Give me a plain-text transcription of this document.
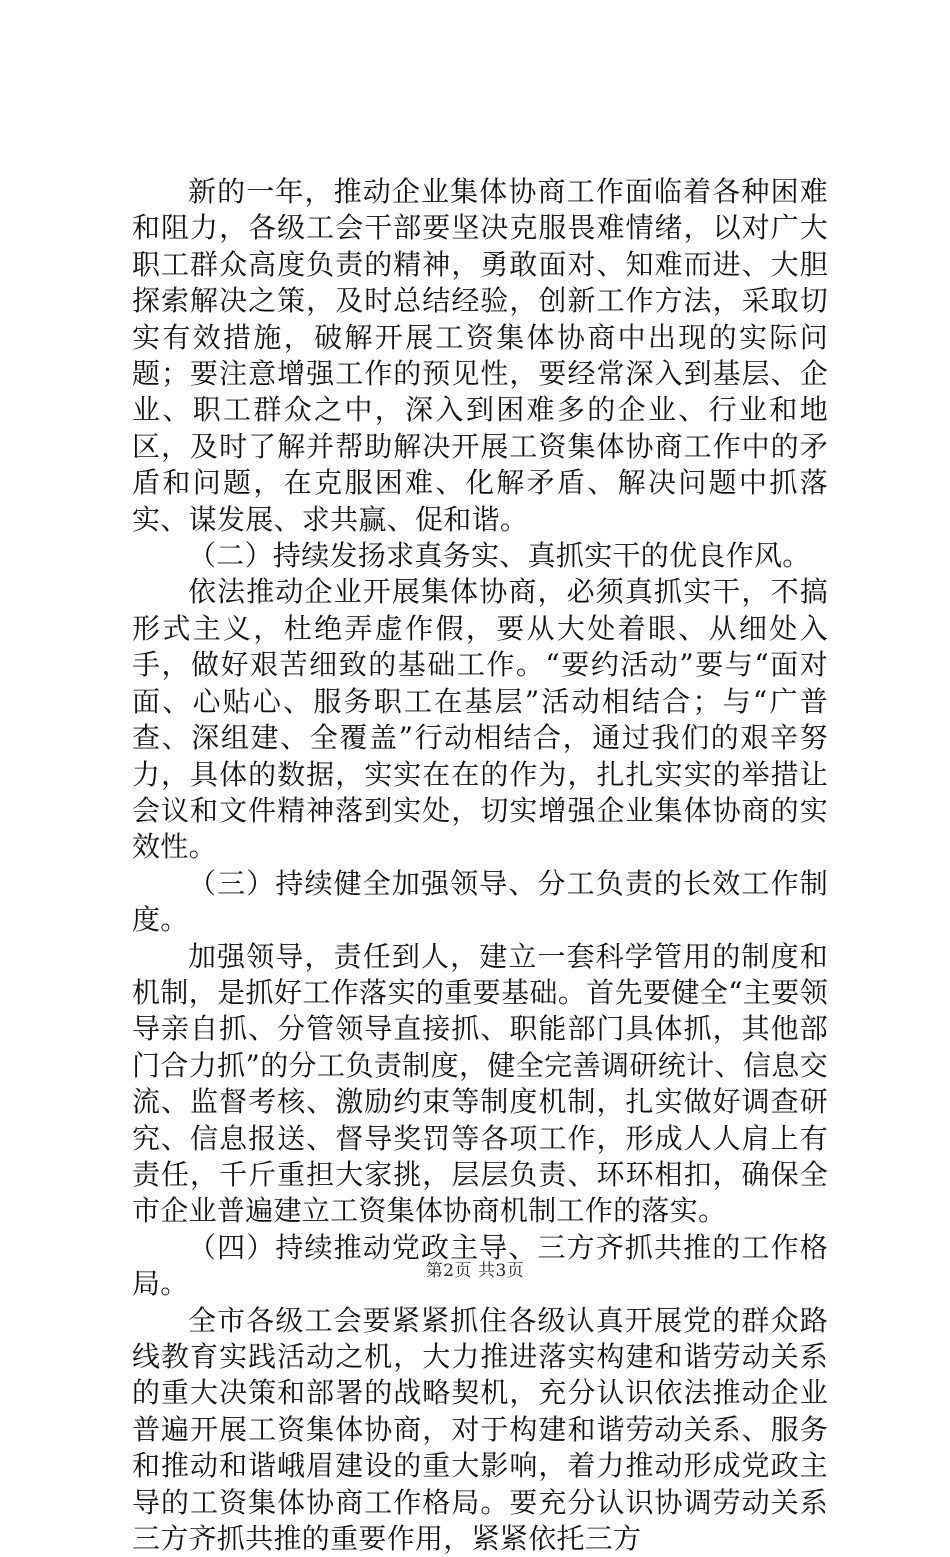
新的一年，推动企业集体协商工作面临着各种困难和阻力，各级工会干部要坚决克服畏难情绪，以对广大职工群众高度负责的精神，勇敢面对、知难而进、大胆探索解决之策，及时总结经验，创新工作方法，采取切实有效措施，破解开展工资集体协商中出现的实际问题；要注意增强工作的预见性，要经常深入到基层、企业、职工群众之中，深入到困难多的企业、行业和地区，及时了解并帮助解决开展工资集体协商工作中的矛盾和问题，在克服困难、化解矛盾、解决问题中抓落实、谋发展、求共赢、促和谐。

（二）持续发扬求真务实、真抓实干的优良作风。

依法推动企业开展集体协商，必须真抓实干，不搞形式主义，杜绝弄虚作假，要从大处着眼、从细处入手，做好艰苦细致的基础工作。“要约活动”要与“面对面、心贴心、服务职工在基层”活动相结合；与“广普查、深组建、全覆盖”行动相结合，通过我们的艰辛努力，具体的数据，实实在在的作为，扎扎实实的举措让会议和文件精神落到实处，切实增强企业集体协商的实效性。

（三）持续健全加强领导、分工负责的长效工作制度。

加强领导，责任到人，建立一套科学管用的制度和机制，是抓好工作落实的重要基础。首先要健全“主要领导亲自抓、分管领导直接抓、职能部门具体抓，其他部门合力抓”的分工负责制度，健全完善调研统计、信息交流、监督考核、激励约束等制度机制，扎实做好调查研究、信息报送、督导奖罚等各项工作，形成人人肩上有责任，千斤重担大家挑，层层负责、环环相扣，确保全市企业普遍建立工资集体协商机制工作的落实。

（四）持续推动党政主导、三方齐抓共推的工作格局。

全市各级工会要紧紧抓住各级认真开展党的群众路线教育实践活动之机，大力推进落实构建和谐劳动关系的重大决策和部署的战略契机，充分认识依法推动企业普遍开展工资集体协商，对于构建和谐劳动关系、服务和推动和谐峨眉建设的重大影响，着力推动形成党政主导的工资集体协商工作格局。要充分认识协调劳动关系三方齐抓共推的重要作用，紧紧依托三方

第2页 共3页
